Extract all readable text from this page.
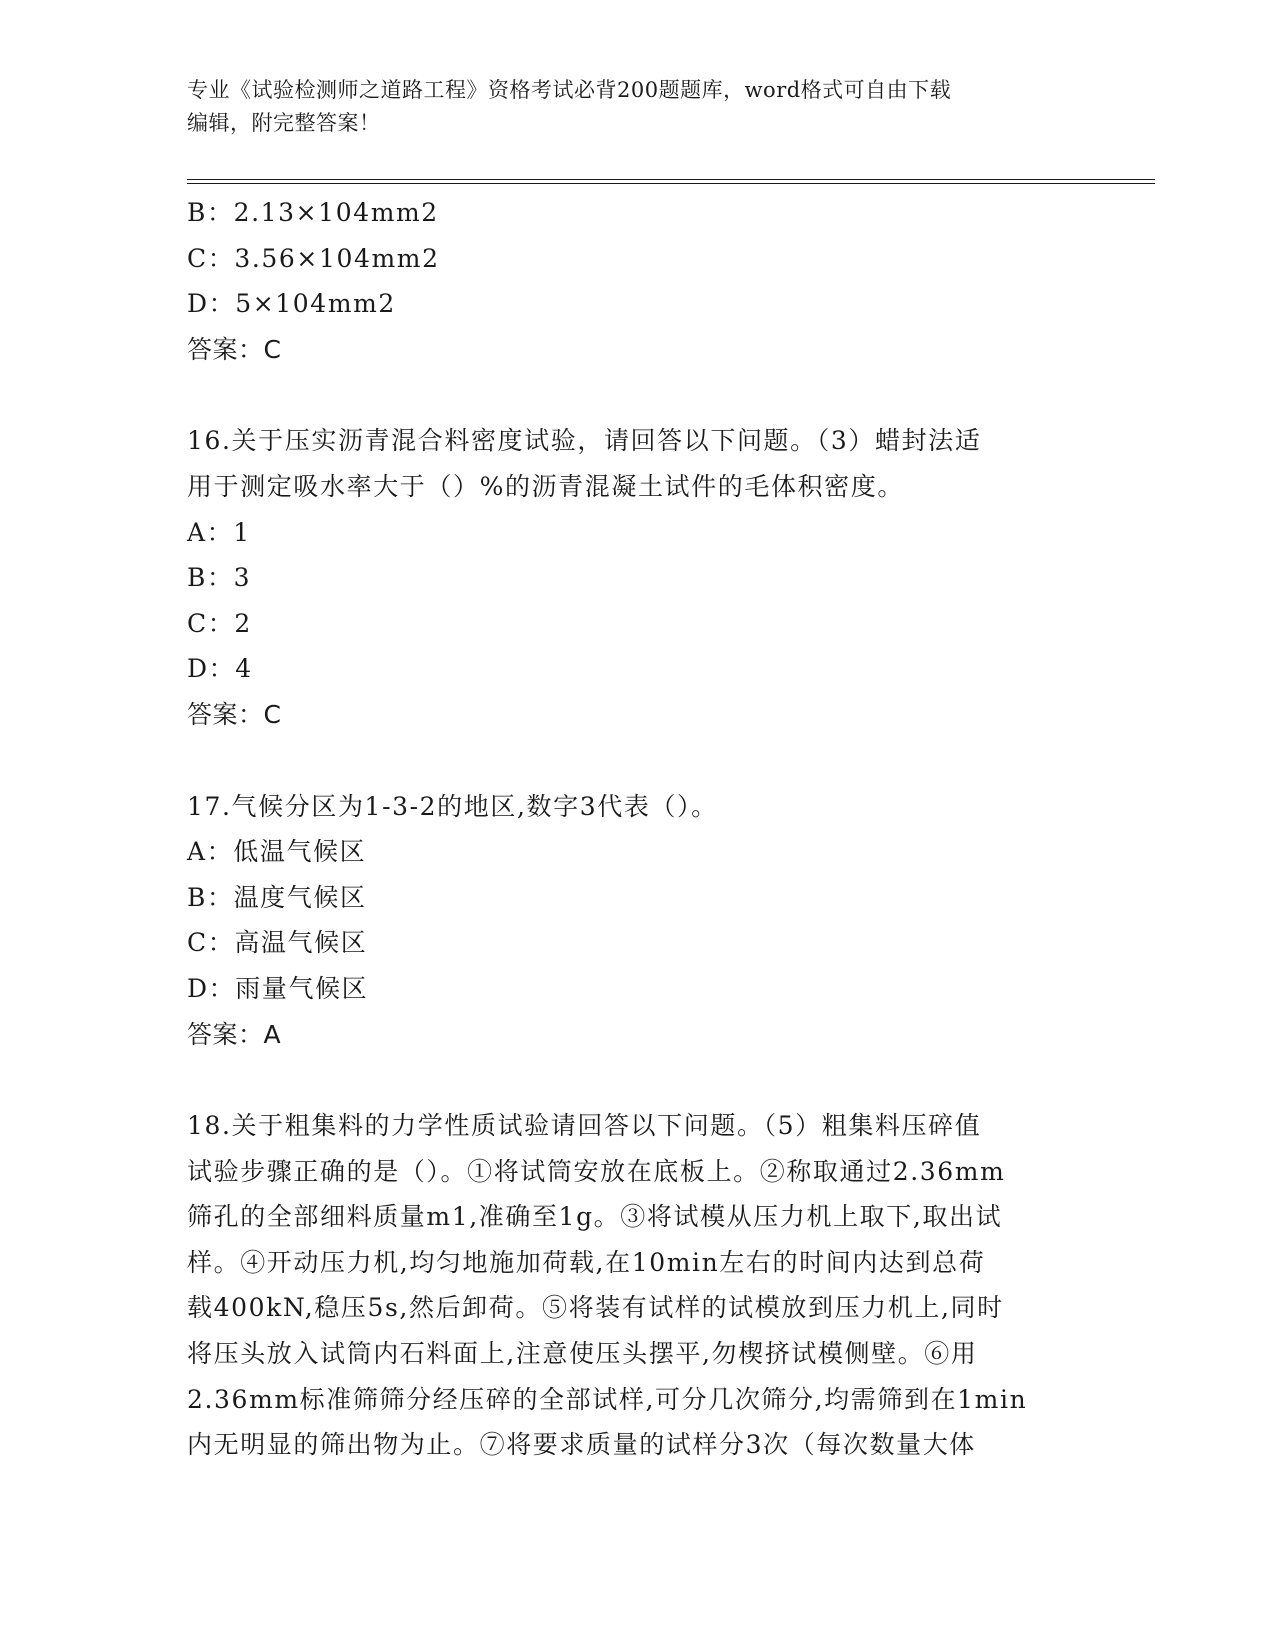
专业《试验检测师之道路工程》资格考试必背200题题库，word格式可自由下载
编辑，附完整答案！
B：2.13×104mm2
C：3.56×104mm2
D：5×104mm2
答案：C
16.关于压实沥青混合料密度试验，请回答以下问题。（3）蜡封法适
用于测定吸水率大于（）%的沥青混凝土试件的毛体积密度。
A：1
B：3
C：2
D：4
答案：C
17.气候分区为1-3-2的地区,数字3代表（）。
A：低温气候区
B：温度气候区
C：高温气候区
D：雨量气候区
答案：A
18.关于粗集料的力学性质试验请回答以下问题。（5）粗集料压碎值
试验步骤正确的是（）。①将试筒安放在底板上。②称取通过2.36mm
筛孔的全部细料质量m1,准确至1g。③将试模从压力机上取下,取出试
样。④开动压力机,均匀地施加荷载,在10min左右的时间内达到总荷
载400kN,稳压5s,然后卸荷。⑤将装有试样的试模放到压力机上,同时
将压头放入试筒内石料面上,注意使压头摆平,勿楔挤试模侧壁。⑥用
2.36mm标准筛筛分经压碎的全部试样,可分几次筛分,均需筛到在1min
内无明显的筛出物为止。⑦将要求质量的试样分3次（每次数量大体
